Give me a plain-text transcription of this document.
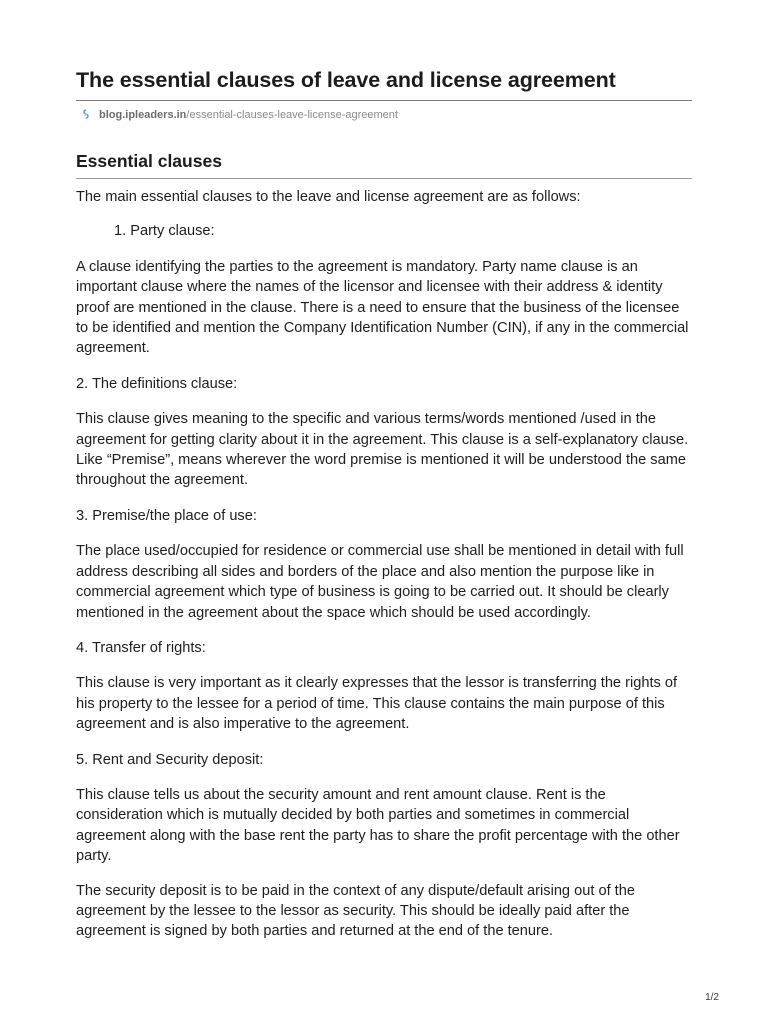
The essential clauses of leave and license agreement
blog.ipleaders.in /essential-clauses-leave-license-agreement
Essential clauses

The main essential clauses to the leave and license agreement are as follows:

1. Party clause:

A clause identifying the parties to the agreement is mandatory. Party name clause is an important clause where the names of the licensor and licensee with their address & identity proof are mentioned in the clause. There is a need to ensure that the business of the licensee to be identified and mention the Company Identification Number (CIN), if any in the commercial agreement.

2. The definitions clause:

This clause gives meaning to the specific and various terms/words mentioned /used in the agreement for getting clarity about it in the agreement. This clause is a self-explanatory clause. Like “Premise”, means wherever the word premise is mentioned it will be understood the same throughout the agreement.

3. Premise/the place of use:

The place used/occupied for residence or commercial use shall be mentioned in detail with full address describing all sides and borders of the place and also mention the purpose like in commercial agreement which type of business is going to be carried out. It should be clearly mentioned in the agreement about the space which should be used accordingly.

4. Transfer of rights:

This clause is very important as it clearly expresses that the lessor is transferring the rights of his property to the lessee for a period of time. This clause contains the main purpose of this agreement and is also imperative to the agreement.

5. Rent and Security deposit:

This clause tells us about the security amount and rent amount clause. Rent is the consideration which is mutually decided by both parties and sometimes in commercial agreement along with the base rent the party has to share the profit percentage with the other party.

The security deposit is to be paid in the context of any dispute/default arising out of the agreement by the lessee to the lessor as security. This should be ideally paid after the agreement is signed by both parties and returned at the end of the tenure.

1/2
